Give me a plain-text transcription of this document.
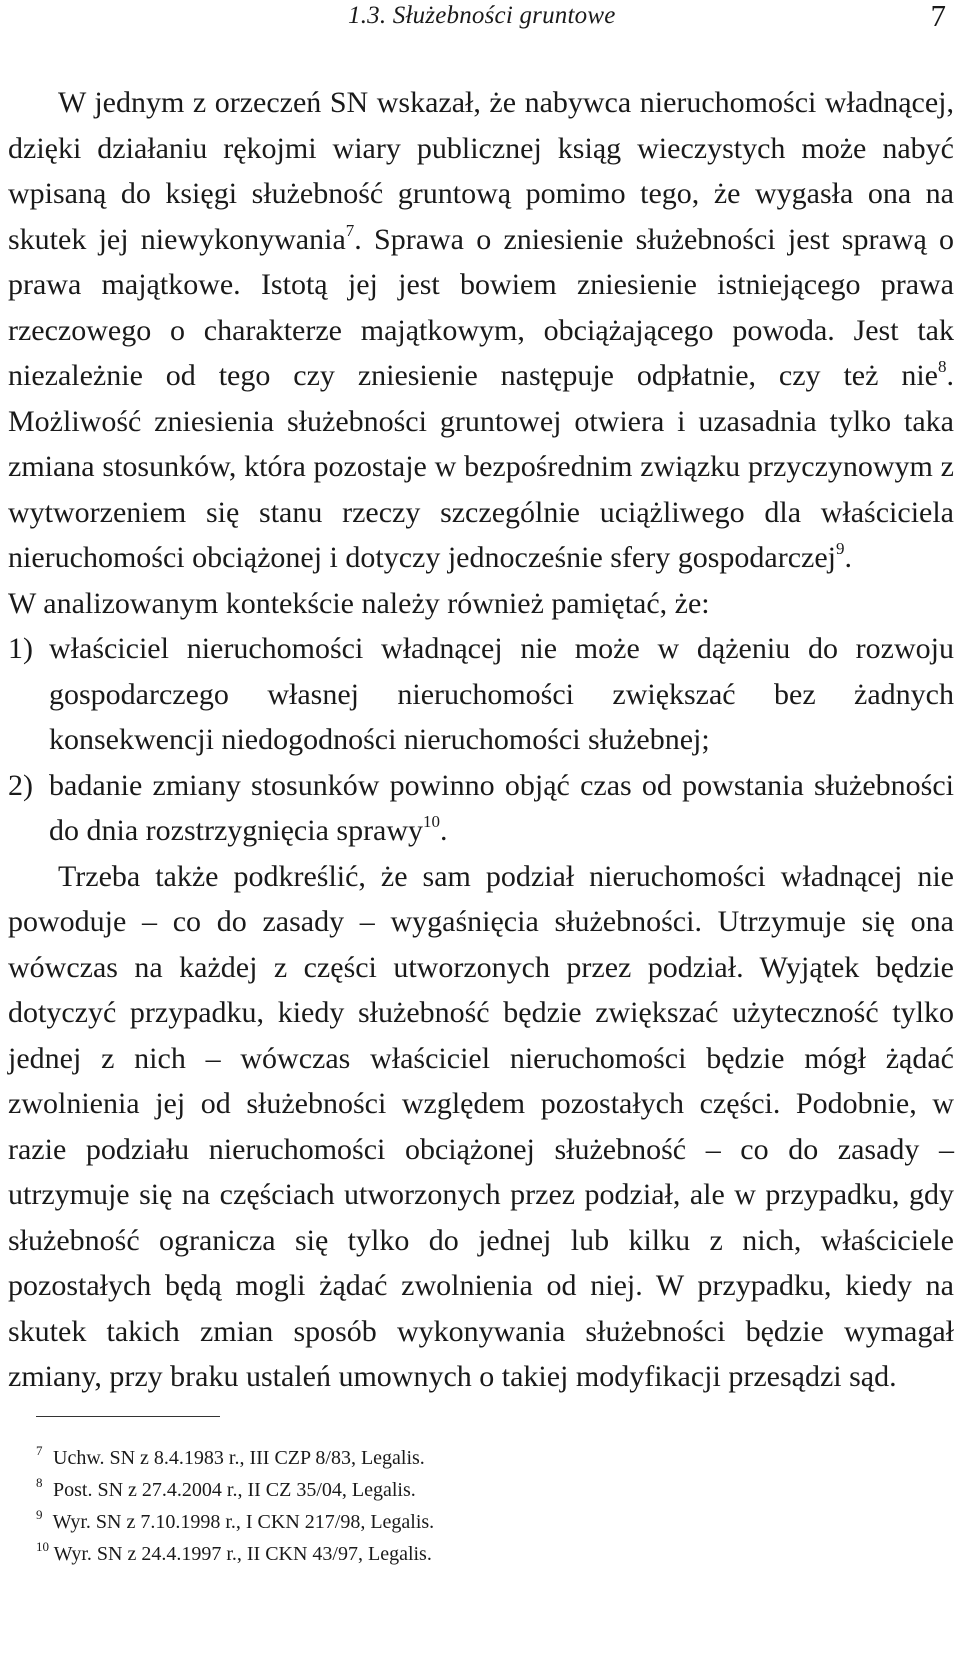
1.3. Służebności gruntowe	7

W jednym z orzeczeń SN wskazał, że nabywca nieruchomości władnącej, dzięki działaniu rękojmi wiary publicznej ksiąg wieczystych może nabyć wpisaną do księgi służebność gruntową pomimo tego, że wygasła ona na skutek jej niewykonywania$^7$. Sprawa o zniesienie służebności jest sprawą o prawa majątkowe. Istotą jej jest bowiem zniesienie istniejącego prawa rzeczowego o charakterze majątkowym, obciążającego powoda. Jest tak niezależnie od tego czy zniesienie następuje odpłatnie, czy też nie$^8$. Możliwość zniesienia służebności gruntowej otwiera i uzasadnia tylko taka zmiana stosunków, która pozostaje w bezpośrednim związku przyczynowym z wytworzeniem się stanu rzeczy szczególnie uciążliwego dla właściciela nieruchomości obciążonej i dotyczy jednocześnie sfery gospodarczej$^9$.

W analizowanym kontekście należy również pamiętać, że:

1) właściciel nieruchomości władnącej nie może w dążeniu do rozwoju gospodarczego własnej nieruchomości zwiększać bez żadnych konsekwencji niedogodności nieruchomości służebnej;
2) badanie zmiany stosunków powinno objąć czas od powstania służebności do dnia rozstrzygnięcia sprawy$^{10}$.

Trzeba także podkreślić, że sam podział nieruchomości władnącej nie powoduje – co do zasady – wygaśnięcia służebności. Utrzymuje się ona wówczas na każdej z części utworzonych przez podział. Wyjątek będzie dotyczyć przypadku, kiedy służebność będzie zwiększać użyteczność tylko jednej z nich – wówczas właściciel nieruchomości będzie mógł żądać zwolnienia jej od służebności względem pozostałych części. Podobnie, w razie podziału nieruchomości obciążonej służebność – co do zasady – utrzymuje się na częściach utworzonych przez podział, ale w przypadku, gdy służebność ogranicza się tylko do jednej lub kilku z nich, właściciele pozostałych będą mogli żądać zwolnienia od niej. W przypadku, kiedy na skutek takich zmian sposób wykonywania służebności będzie wymagał zmiany, przy braku ustaleń umownych o takiej modyfikacji przesądzi sąd.

7 Uchw. SN z 8.4.1983 r., III CZP 8/83, Legalis.

8 Post. SN z 27.4.2004 r., II CZ 35/04, Legalis.

9 Wyr. SN z 7.10.1998 r., I CKN 217/98, Legalis.

10 Wyr. SN z 24.4.1997 r., II CKN 43/97, Legalis.
